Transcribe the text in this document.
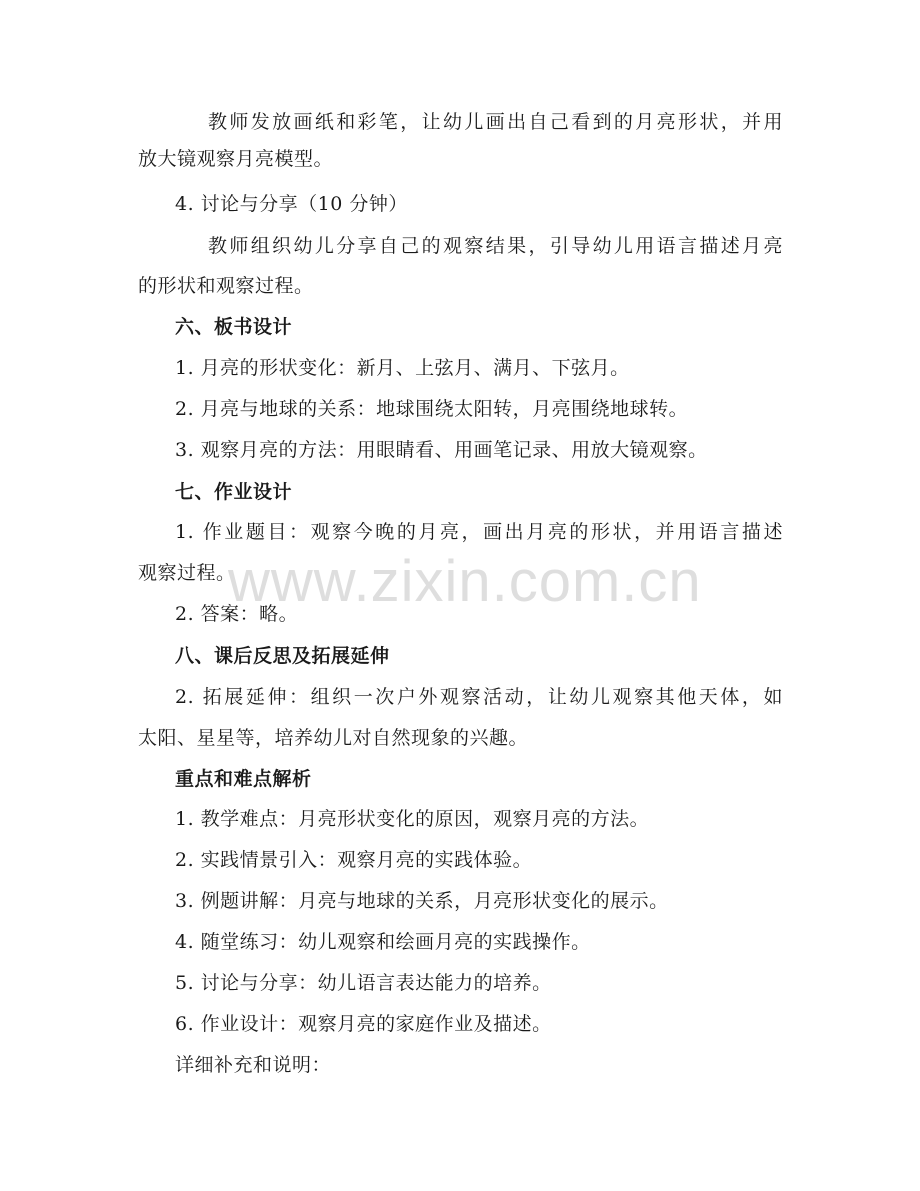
教师发放画纸和彩笔，让幼儿画出自己看到的月亮形状，并用
放大镜观察月亮模型。
4. 讨论与分享（10 分钟）
教师组织幼儿分享自己的观察结果，引导幼儿用语言描述月亮
的形状和观察过程。
六、板书设计
1. 月亮的形状变化：新月、上弦月、满月、下弦月。
2. 月亮与地球的关系：地球围绕太阳转，月亮围绕地球转。
3. 观察月亮的方法：用眼睛看、用画笔记录、用放大镜观察。
七、作业设计
1. 作业题目：观察今晚的月亮，画出月亮的形状，并用语言描述
观察过程。
2. 答案：略。
八、课后反思及拓展延伸
2. 拓展延伸：组织一次户外观察活动，让幼儿观察其他天体，如
太阳、星星等，培养幼儿对自然现象的兴趣。
重点和难点解析
1. 教学难点：月亮形状变化的原因，观察月亮的方法。
2. 实践情景引入：观察月亮的实践体验。
3. 例题讲解：月亮与地球的关系，月亮形状变化的展示。
4. 随堂练习：幼儿观察和绘画月亮的实践操作。
5. 讨论与分享：幼儿语言表达能力的培养。
6. 作业设计：观察月亮的家庭作业及描述。
详细补充和说明：
www.zixin.com.cn
